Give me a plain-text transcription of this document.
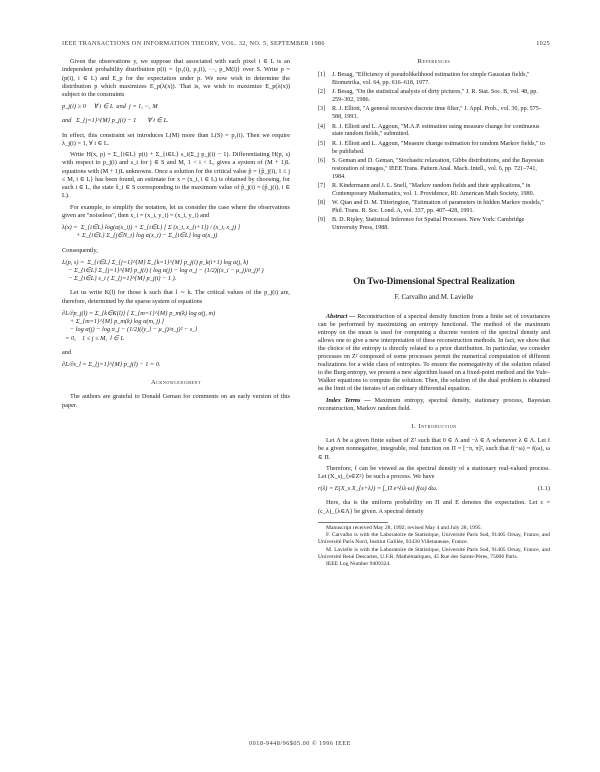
IEEE TRANSACTIONS ON INFORMATION THEORY, VOL. 32, NO. 5, SEPTEMBER 1986	1025

Given the observations y, we suppose that associated with each pixel i ∈ L is an independent probability distribution p(i) = {p₁(i), p₂(i), ···, p_M(i)} over S. Write p = (p(i), i ∈ L) and E_p for the expectation under p. We now wish to determine the distribution p which maximizes E_p(λ(x)). That is, we wish to maximize E_p(λ(x)) subject to the constraints

p_j(i) ≥ 0     ∀ i ∈ L  and  j = 1, ···, M
and   Σ_{j=1}^{M} p_j(i) − 1       ∀ i ∈ L.

In effect, this constraint set introduces L(M) more than L(S) = p₁(i). Then we require λ_j(i) = 1, ∀ i ∈ L.

Write H(x, p) = Σ_{i∈L} p(i) + Σ_{i∈L} s_i(Σ_j p_j(i) − 1). Differentiating H(p, s) with respect to p_j(i) and s_i for j ∈ S and M, 1 < i < L, gives a system of (M + 1)L equations with (M + 1)L unknowns. Once a solution for the critical value p̂ = {p̂_j(i), 1 ≤ j ≤ M, i ∈ L} has been found, an estimate for x = (x_i, i ∈ L) is obtained by choosing, for each i ∈ L, the state x̂_i ∈ S corresponding to the maximum value of p̂_j(i) = (p̂_j(i), i ∈ L).

For example, to simplify the notation, let us consider the case where the observations given are "noiseless", then x_i = (x_i, y_i) = (x_i, y_i) and

λ(x) =  Σ_{i∈L} log(α(x_i)) + Σ_{i∈L} [ Σ (x_i, x_{i+1}) / (x_i, x_j) ]
+ Σ_{i∈L} Σ_{j∈N_i} log α(x_i) − Σ_{i∈L} log α(x_j)

Consequently,

L(p, s) =  Σ_{i∈L} Σ_{j=1}^{M} Σ_{k=1}^{M} p_j(i) p_k(i+1) log α(j, k)
− Σ_{i∈L} Σ_{j=1}^{M} p_j(i) ( log α(j) − log σ_j − (1/2)((x_i − μ_j)/σ_j)² )
− Σ_{i∈L} s_i ( Σ_{j=1}^{M} p_j(i) − 1 ).

Let us write K(l) for those k such that l ∼ k. The critical values of the p_j(i) are, therefore, determined by the sparse system of equations

∂L/∂p_j(l) = Σ_{k∈K(l)} [ Σ_{m=1}^{M} p_m(k) log α(j, m)
+ Σ_{m=1}^{M} p_m(k) log α(m, j) ]
− log α(j) − log σ_j − (1/2)((y_l − μ_j)/σ_j)² − s_l
= 0,    1 ≤ j ≤ M,  l ∈ L

and

∂L/∂s_l = Σ_{j=1}^{M} p_j(l) − 1 = 0.
Acknowledgment

The authors are grateful to Donald Geman for comments on an early version of this paper.

References
[1] J. Besag, "Efficiency of pseudolikelihood estimation for simple Gaussian fields," Biometrika, vol. 64, pp. 616–618, 1977.
[2] J. Besag, "On the statistical analysis of dirty pictures," J. R. Stat. Soc. B, vol. 48, pp. 259–302, 1986.
[3] R. J. Elliott, "A general recursive discrete time filter," J. Appl. Prob., vol. 30, pp. 575–588, 1993.
[4] R. J. Elliott and L. Aggoun, "M.A.P. estimation using measure change for continuous state random fields," submitted.
[5] R. J. Elliott and L. Aggoun, "Measure change estimation for random Markov fields," to be published.
[6] S. Geman and D. Geman, "Stochastic relaxation, Gibbs distributions, and the Bayesian restoration of images," IEEE Trans. Pattern Anal. Mach. Intell., vol. 6, pp. 721–741, 1984.
[7] R. Kindermann and J. L. Snell, "Markov random fields and their applications," in Contemporary Mathematics, vol. 1. Providence, RI: American Math Society, 1980.
[8] W. Qian and D. M. Titterington, "Estimation of parameters in hidden Markov models," Phil. Trans. R. Soc. Lond. A, vol. 337, pp. 407–428, 1991.
[9] B. D. Ripley, Statistical Inference for Spatial Processes. New York: Cambridge University Press, 1988.
On Two-Dimensional Spectral Realization
F. Carvalho and M. Lavielle

Abstract — Reconstruction of a spectral density function from a finite set of covariances can be performed by maximizing an entropy functional. The method of the maximum entropy on the mean is used for computing a discrete version of the spectral density and allows one to give a new interpretation of these reconstruction methods. In fact, we show that the choice of the entropy is directly related to a prior distribution. In particular, we consider processes on Z² composed of some processes permit the numerical computation of different realizations for a wide class of entropies. To ensure the nonnegativity of the solution related to the Burg entropy, we present a new algorithm based on a fixed-point method and the Yule–Walker equations to compute the solution. Then, the solution of the dual problem is obtained as the limit of the iterates of an ordinary differential equation.

Index Terms — Maximum entropy, spectral density, stationary process, Bayesian reconstruction, Markov random field.

I. Introduction

Let Λ be a given finite subset of Z² such that 0 ∈ Λ and −λ ∈ Λ whenever λ ∈ Λ. Let f be a given nonnegative, integrable, real function on Π = [−π, π]², such that f(−ω) = f(ω), ω ∈ Π.

Therefore, f can be viewed as the spectral density of a stationary real-valued process. Let (X_s)_{s∈Z²} be such a process. We have

(1.1)
r(λ) = E(X_s X_{s+λ}) = ∫_Π e^{iλ·ω} f(ω) dω.

Here, dω is the uniform probability on Π and E denotes the expectation. Let c = (c_λ)_{λ∈Λ} be given. A spectral density

Manuscript received May 28, 1992; revised May 4 and July 28, 1995.

F. Carvalho is with the Laboratoire de Statistique, Université Paris Sud, 91405 Orsay, France, and Université Paris Nord, Institut Galilée, 93430 Villetaneuse, France.

M. Lavielle is with the Laboratoire de Statistique, Université Paris Sud, 91405 Orsay, France, and Université René Descartes, U.F.R. Mathématiques, 45 Rue des Saints-Pères, 75006 Paris.

IEEE Log Number 9409324.

0018-9448/96$05.00 © 1996 IEEE
